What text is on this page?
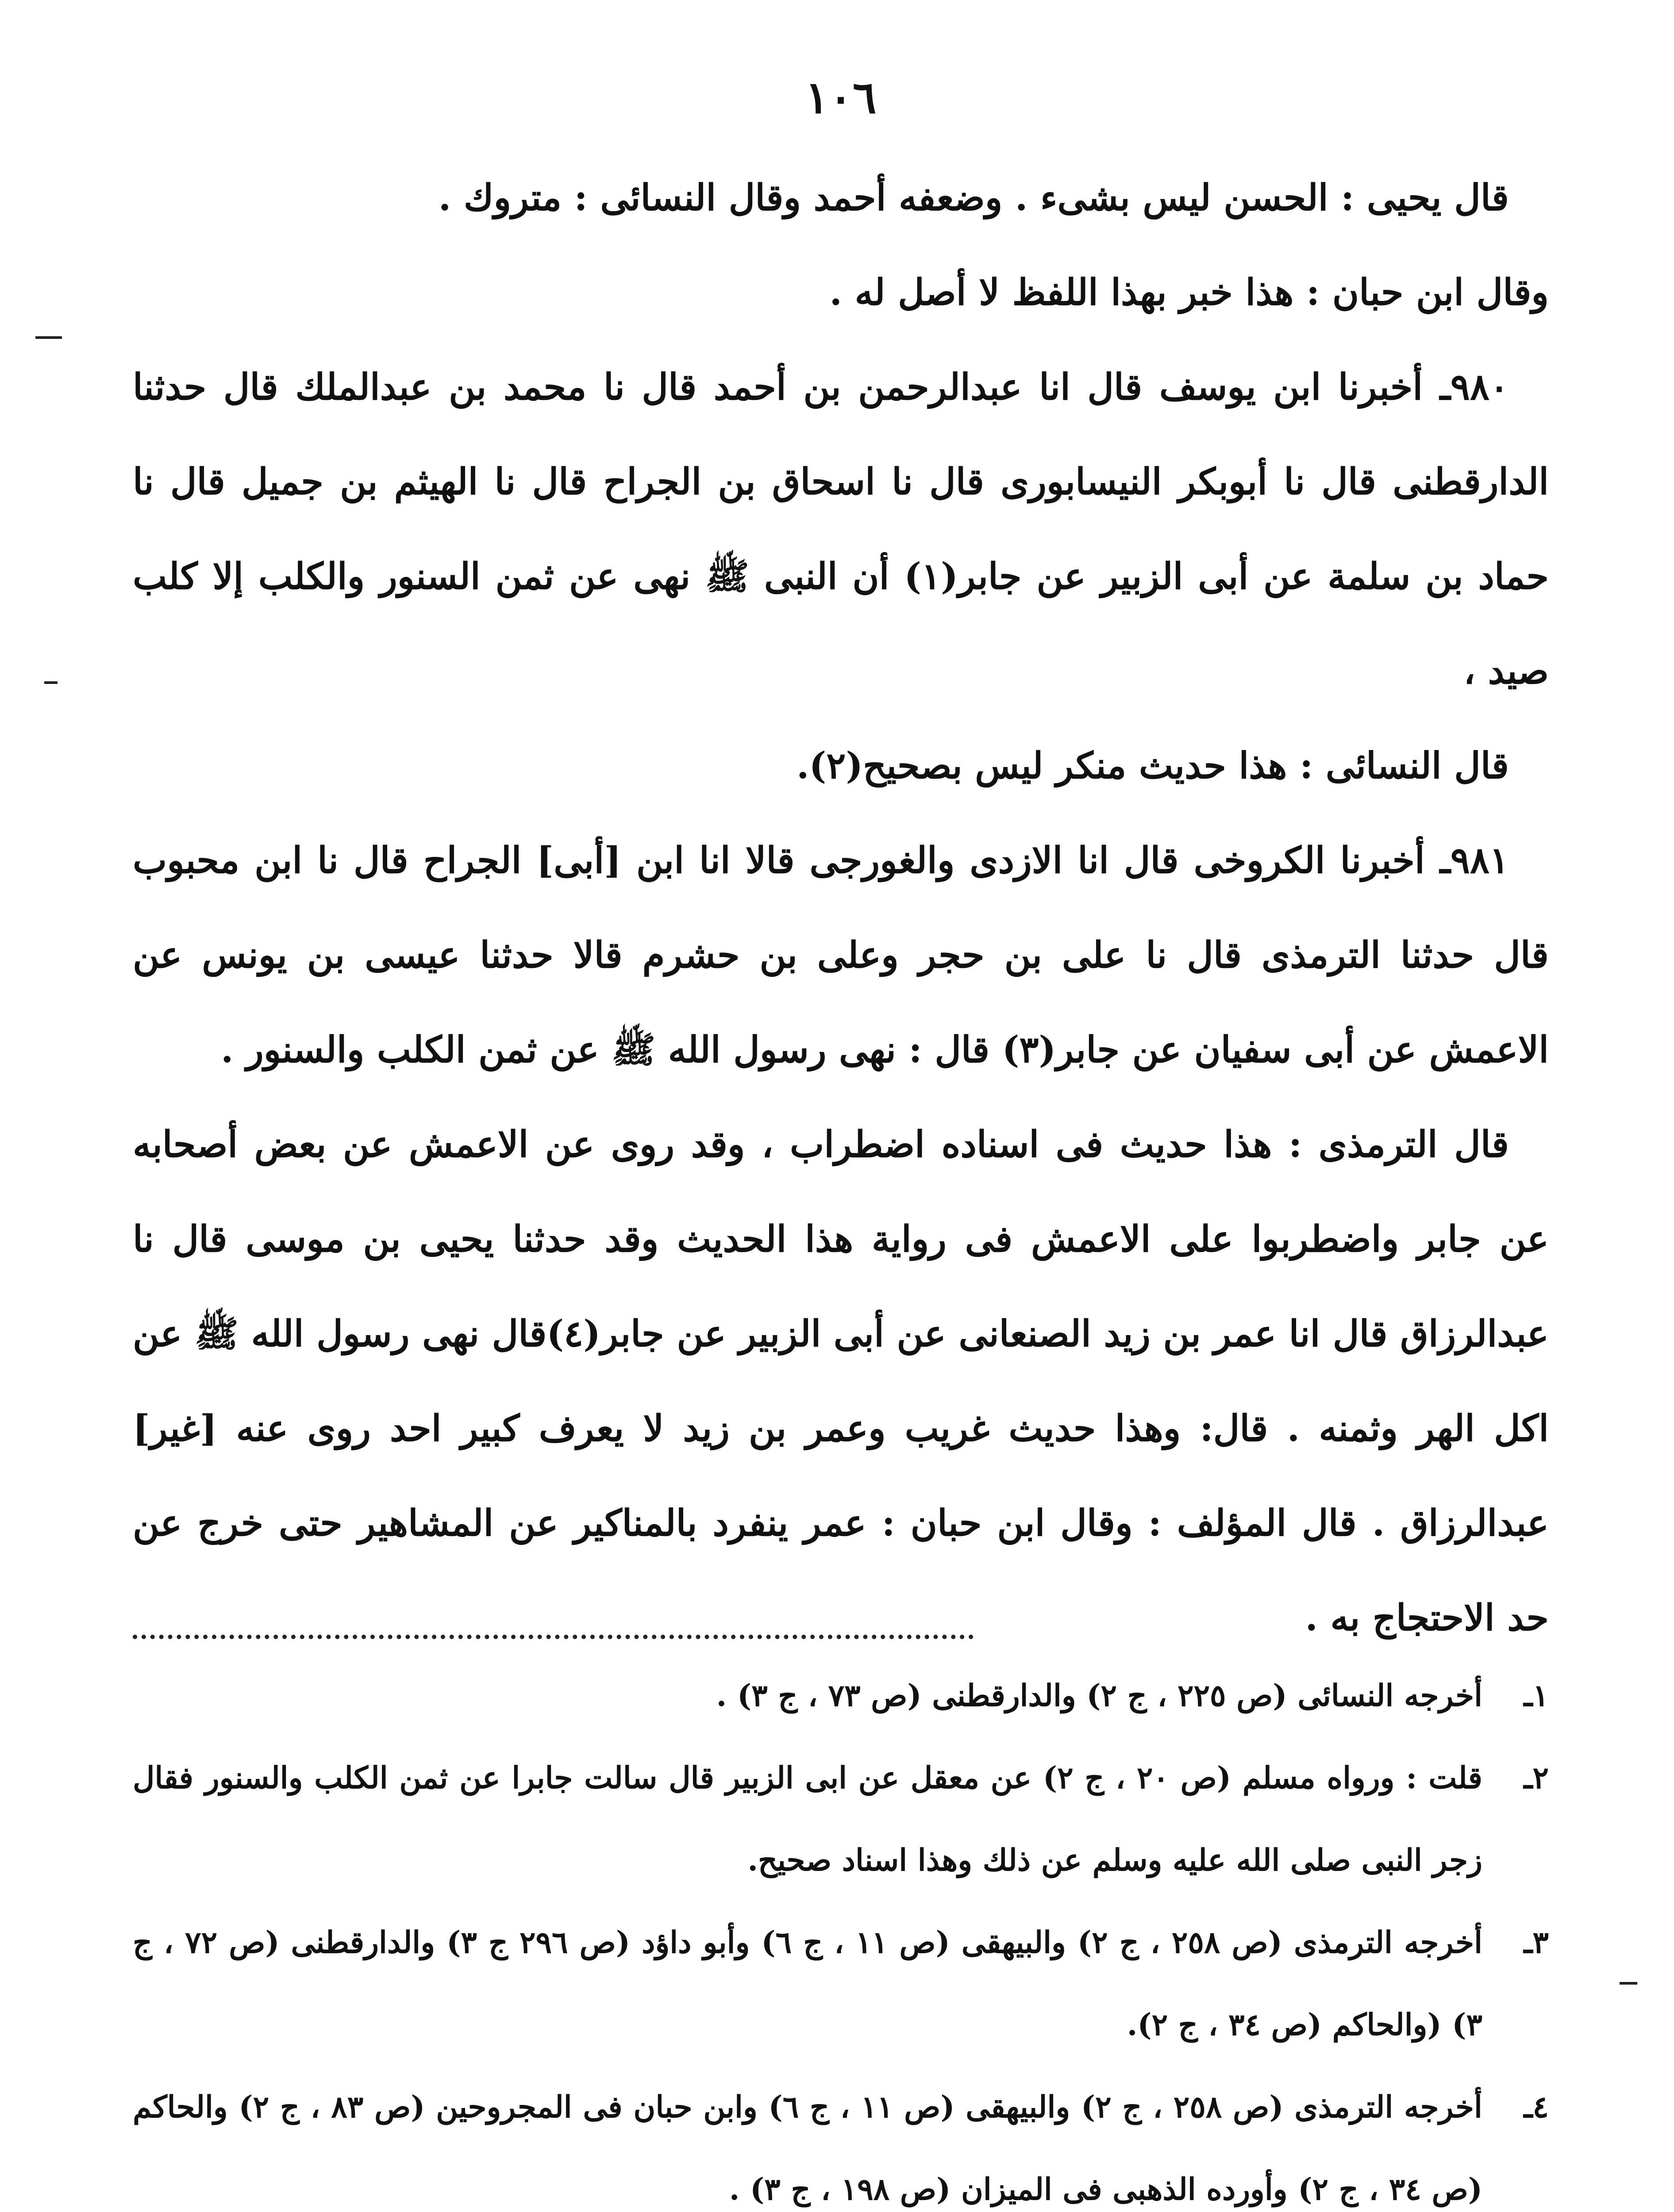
١٠٦

قال يحيى : الحسن ليس بشىء . وضعفه أحمد وقال النسائى : متروك .

وقال ابن حبان : هذا خبر بهذا اللفظ لا أصل له .

٩٨٠ـ أخبرنا ابن يوسف قال انا عبدالرحمن بن أحمد قال نا محمد بن عبدالملك قال حدثنا الدارقطنى قال نا أبوبكر النيسابورى قال نا اسحاق بن الجراح قال نا الهيثم بن جميل قال نا حماد بن سلمة عن أبى الزبير عن جابر(١) أن النبى ﷺ نهى عن ثمن السنور والكلب إلا كلب صيد ،

قال النسائى : هذا حديث منكر ليس بصحيح(٢).

٩٨١ـ أخبرنا الكروخى قال انا الازدى والغورجى قالا انا ابن [أبى] الجراح قال نا ابن محبوب قال حدثنا الترمذى قال نا على بن حجر وعلى بن حشرم قالا حدثنا عيسى بن يونس عن الاعمش عن أبى سفيان عن جابر(٣) قال : نهى رسول الله ﷺ عن ثمن الكلب والسنور .

قال الترمذى : هذا حديث فى اسناده اضطراب ، وقد روى عن الاعمش عن بعض أصحابه عن جابر واضطربوا على الاعمش فى رواية هذا الحديث وقد حدثنا يحيى بن موسى قال نا عبدالرزاق قال انا عمر بن زيد الصنعانى عن أبى الزبير عن جابر(٤)قال نهى رسول الله ﷺ عن اكل الهر وثمنه . قال: وهذا حديث غريب وعمر بن زيد لا يعرف كبير احد روى عنه [غير] عبدالرزاق . قال المؤلف : وقال ابن حبان : عمر ينفرد بالمناكير عن المشاهير حتى خرج عن حد الاحتجاج به .

١ـ
أخرجه النسائى (ص ٢٢٥ ، ج ٢) والدارقطنى (ص ٧٣ ، ج ٣) .
٢ـ
قلت : ورواه مسلم (ص ٢٠ ، ج ٢) عن معقل عن ابى الزبير قال سالت جابرا عن ثمن الكلب والسنور فقال زجر النبى صلى الله عليه وسلم عن ذلك وهذا اسناد صحيح.
٣ـ
أخرجه الترمذى (ص ٢٥٨ ، ج ٢) والبيهقى (ص ١١ ، ج ٦) وأبو داؤد (ص ٢٩٦ ج ٣) والدارقطنى (ص ٧٢ ، ج ٣) (والحاكم (ص ٣٤ ، ج ٢).
٤ـ
أخرجه الترمذى (ص ٢٥٨ ، ج ٢) والبيهقى (ص ١١ ، ج ٦) وابن حبان فى المجروحين (ص ٨٣ ، ج ٢) والحاكم (ص ٣٤ ، ج ٢) وأورده الذهبى فى الميزان (ص ١٩٨ ، ج ٣) .
